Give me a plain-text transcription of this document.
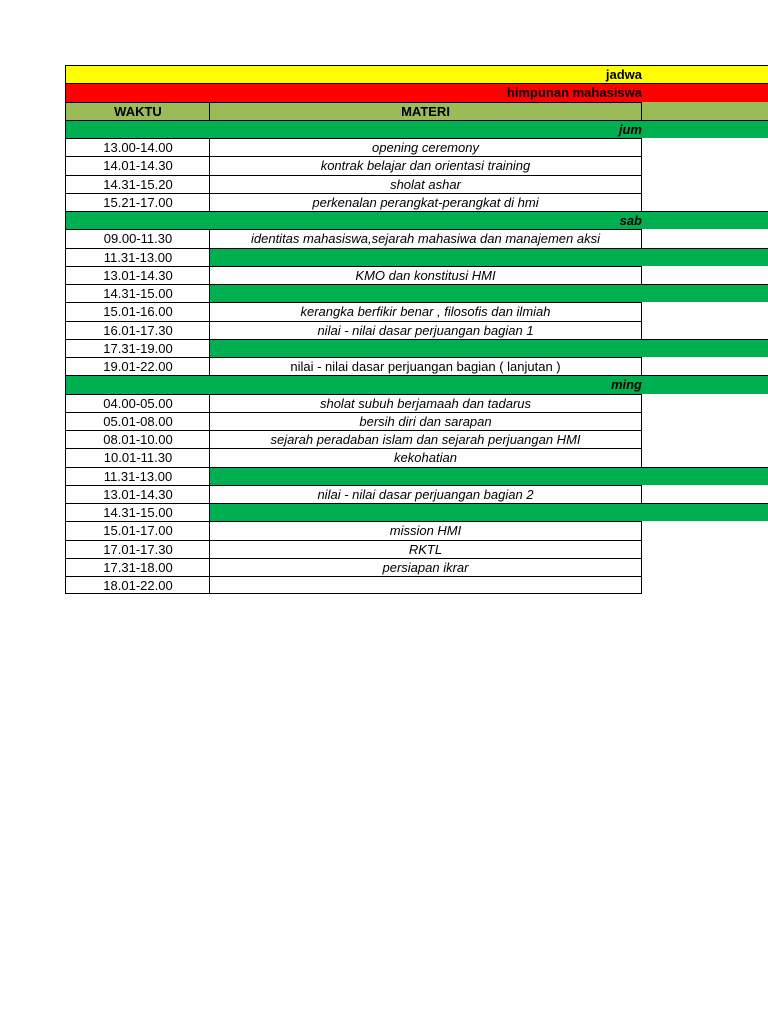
jadwa
himpunan mahasiswa
WAKTU	MATERI
jum
13.00-14.00	opening ceremony
14.01-14.30	kontrak belajar dan orientasi training
14.31-15.20	sholat ashar
15.21-17.00	perkenalan perangkat-perangkat di hmi
sab
09.00-11.30	identitas mahasiswa,sejarah mahasiwa dan manajemen aksi
11.31-13.00
13.01-14.30	KMO dan konstitusi HMI
14.31-15.00
15.01-16.00	kerangka berfikir benar , filosofis dan ilmiah
16.01-17.30	nilai - nilai dasar perjuangan bagian 1
17.31-19.00
19.01-22.00	nilai - nilai dasar perjuangan bagian ( lanjutan )
ming
04.00-05.00	sholat subuh berjamaah dan tadarus
05.01-08.00	bersih diri dan sarapan
08.01-10.00	sejarah peradaban islam dan sejarah perjuangan HMI
10.01-11.30	kekohatian
11.31-13.00
13.01-14.30	nilai - nilai dasar perjuangan bagian 2
14.31-15.00
15.01-17.00	mission HMI
17.01-17.30	RKTL
17.31-18.00	persiapan ikrar
18.01-22.00
